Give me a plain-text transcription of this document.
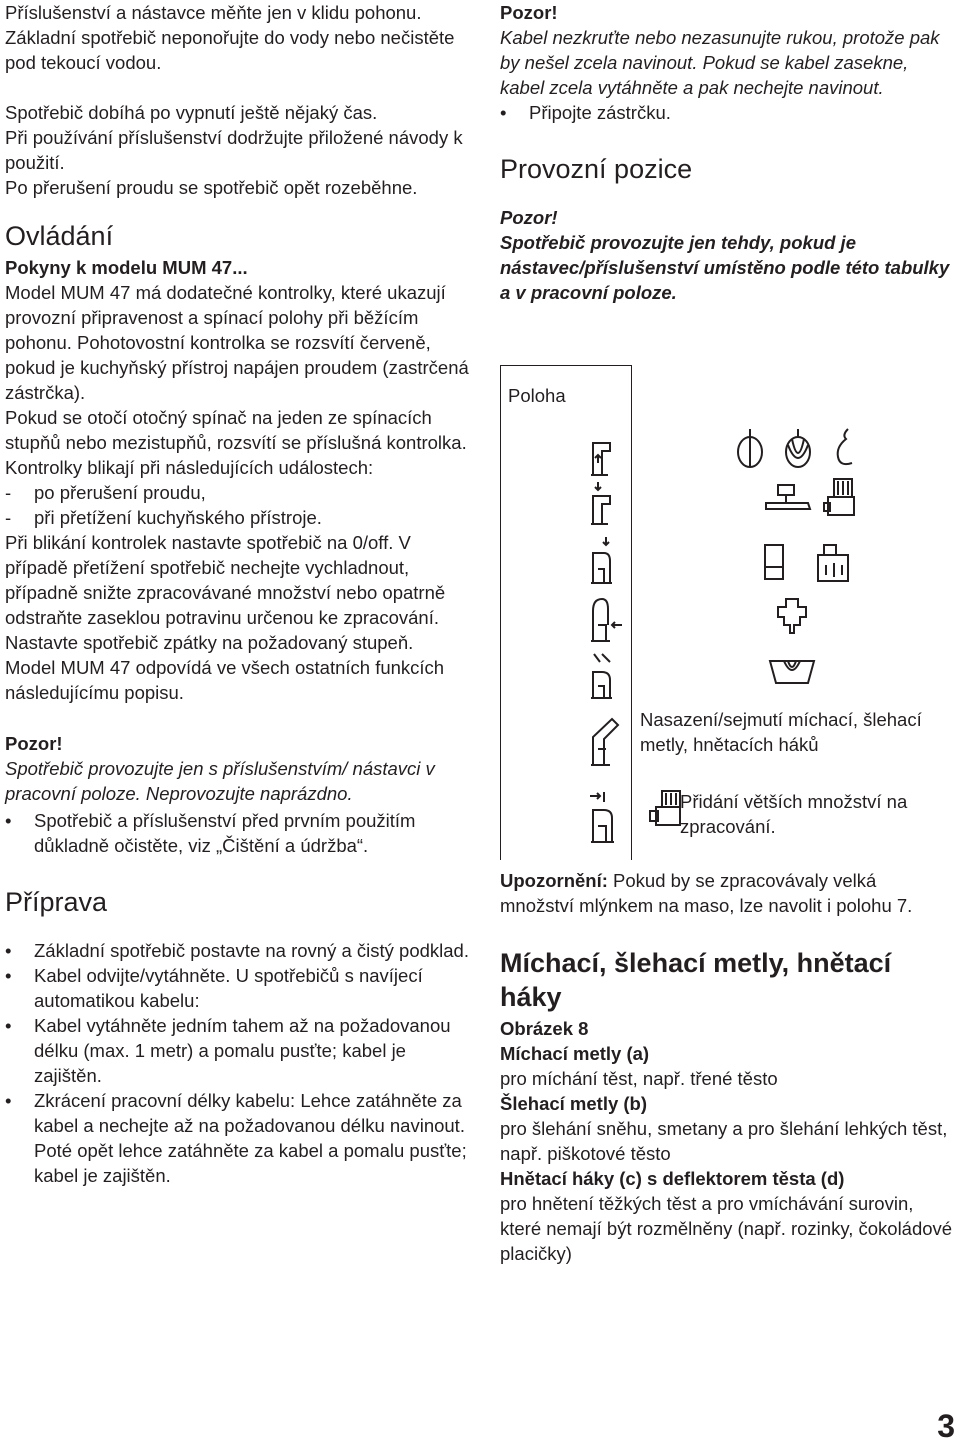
Příslušenství a nástavce měňte jen v klidu pohonu. Základní spotřebič neponořujte do vody nebo nečistěte pod tekoucí vodou.

Spotřebič dobíhá po vypnutí ještě nějaký čas.

Při používání příslušenství dodržujte přiložené návody k použití.

Po přerušení proudu se spotřebič opět rozeběhne.

Ovládání

Pokyny k modelu MUM 47...

Model MUM 47 má dodatečné kontrolky, které ukazují provozní připravenost a spínací polohy při běžícím pohonu. Pohotovostní kontrolka se rozsvítí červeně, pokud je kuchyňský přístroj napájen proudem (zastrčená zástrčka).

Pokud se otočí otočný spínač na jeden ze spínacích stupňů nebo mezistupňů, rozsvítí se příslušná kontrolka.

Kontrolky blikají při následujících událostech:

- po přerušení proudu,

- při přetížení kuchyňského přístroje.

Při blikání kontrolek nastavte spotřebič na 0/off. V případě přetížení spotřebič nechejte vychladnout, případně snižte zpracovávané množství nebo opatrně odstraňte zaseklou potravinu určenou ke zpracování. Nastavte spotřebič zpátky na požadovaný stupeň.

Model MUM 47 odpovídá ve všech ostatních funkcích následujícímu popisu.

Pozor!

Spotřebič provozujte jen s příslušenstvím/ nástavci v pracovní poloze. Neprovozujte naprázdno.

• Spotřebič a příslušenství před prvním použitím důkladně očistěte, viz „Čištění a údržba“.
Příprava
• Základní spotřebič postavte na rovný a čistý podklad.
• Kabel odvijte/vytáhněte. U spotřebičů s navíjecí automatikou kabelu:
• Kabel vytáhněte jedním tahem až na požadovanou délku (max. 1 metr) a pomalu pusťte; kabel je zajištěn.
• Zkrácení pracovní délky kabelu: Lehce zatáhněte za kabel a nechejte až na požadovanou délku navinout. Poté opět lehce zatáhněte za kabel a pomalu pusťte; kabel je zajištěn.

Pozor!

Kabel nezkruťte nebo nezasunujte rukou, protože pak by nešel zcela navinout. Pokud se kabel zasekne, kabel zcela vytáhněte a pak nechejte navinout.

• Připojte zástrčku.
Provozní pozice

Pozor!

Spotřebič provozujte jen tehdy, pokud je nástavec/příslušenství umístěno podle této tabulky a v pracovní poloze.

Poloha
Nasazení/sejmutí míchací, šlehací metly, hnětacích háků
Přidání větších množství na zpracování.

Upozornění: Pokud by se zpracovávaly velká množství mlýnkem na maso, lze navolit i polohu 7.

Míchací, šlehací metly, hnětací háky

Obrázek 8

Míchací metly (a)

pro míchání těst, např. třené těsto

Šlehací metly (b)

pro šlehání sněhu, smetany a pro šlehání lehkých těst, např. piškotové těsto

Hnětací háky (c) s deflektorem těsta (d)

pro hnětení těžkých těst a pro vmíchávání surovin, které nemají být rozmělněny (např. rozinky, čokoládové placičky)

3
